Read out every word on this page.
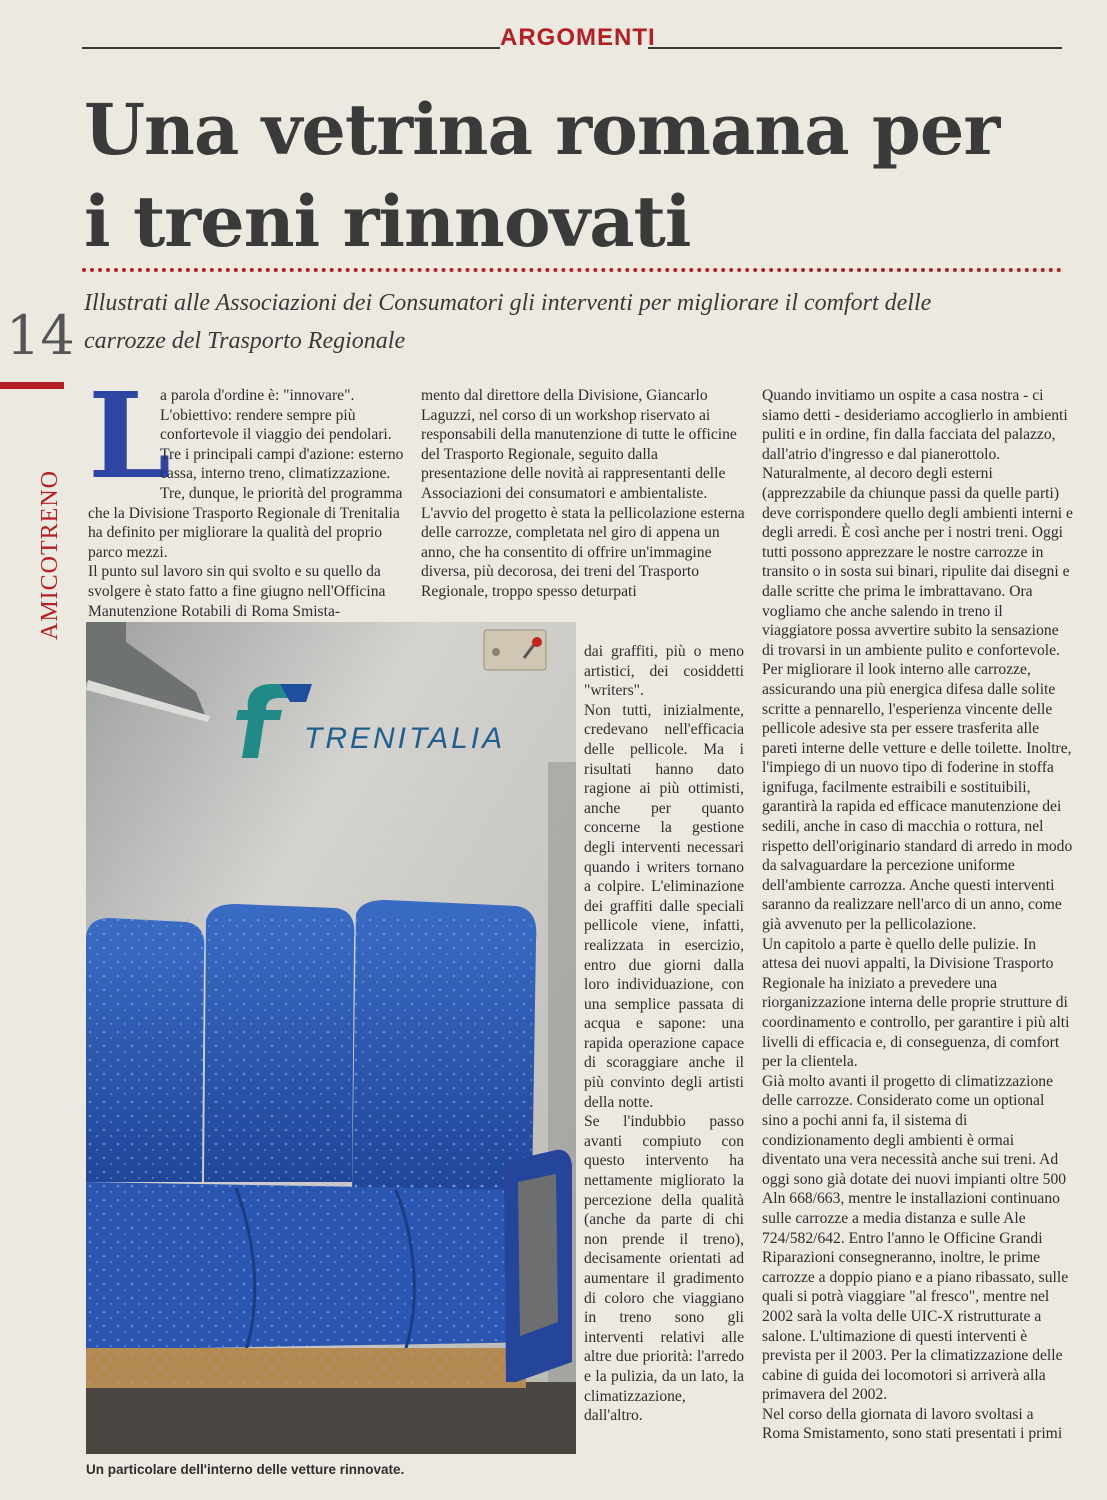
ARGOMENTI
Una vetrina romana per i treni rinnovati

Illustrati alle Associazioni dei Consumatori gli interventi per migliorare il comfort delle carrozze del Trasporto Regionale

14
AMICOTRENO
L

a parola d'ordine è: "innovare". L'obiettivo: rendere sempre più confortevole il viaggio dei pendolari. Tre i principali campi d'azione: esterno cassa, interno treno, climatizzazione. Tre, dunque, le priorità del programma che la Divisione Trasporto Regionale di Trenitalia ha definito per migliorare la qualità del proprio parco mezzi.

Il punto sul lavoro sin qui svolto e su quello da svolgere è stato fatto a fine giugno nell'Officina Manutenzione Rotabili di Roma Smista-

mento dal direttore della Divisione, Giancarlo Laguzzi, nel corso di un workshop riservato ai responsabili della manutenzione di tutte le officine del Trasporto Regionale, seguito dalla presentazione delle novità ai rappresentanti delle Associazioni dei consumatori e ambientaliste.

L'avvio del progetto è stata la pellicolazione esterna delle carrozze, completata nel giro di appena un anno, che ha consentito di offrire un'immagine diversa, più decorosa, dei treni del Trasporto Regionale, troppo spesso deturpati

dai graffiti, più o meno artistici, dei cosiddetti "writers".

Non tutti, inizialmente, credevano nell'efficacia delle pellicole. Ma i risultati hanno dato ragione ai più ottimisti, anche per quanto concerne la gestione degli interventi necessari quando i writers tornano a colpire. L'eliminazione dei graffiti dalle speciali pellicole viene, infatti, realizzata in esercizio, entro due giorni dalla loro individuazione, con una semplice passata di acqua e sapone: una rapida operazione capace di scoraggiare anche il più convinto degli artisti della notte.

Se l'indubbio passo avanti compiuto con questo intervento ha nettamente migliorato la percezione della qualità (anche da parte di chi non prende il treno), decisamente orientati ad aumentare il gradimento di coloro che viaggiano in treno sono gli interventi relativi alle altre due priorità: l'arredo e la pulizia, da un lato, la climatizzazione, dall'altro.

Quando invitiamo un ospite a casa nostra - ci siamo detti - desideriamo accoglierlo in ambienti puliti e in ordine, fin dalla facciata del palazzo, dall'atrio d'ingresso e dal pianerottolo. Naturalmente, al decoro degli esterni (apprezzabile da chiunque passi da quelle parti) deve corrispondere quello degli ambienti interni e degli arredi. È così anche per i nostri treni. Oggi tutti possono apprezzare le nostre carrozze in transito o in sosta sui binari, ripulite dai disegni e dalle scritte che prima le imbrattavano. Ora vogliamo che anche salendo in treno il viaggiatore possa avvertire subito la sensazione di trovarsi in un ambiente pulito e confortevole.

Per migliorare il look interno alle carrozze, assicurando una più energica difesa dalle solite scritte a pennarello, l'esperienza vincente delle pellicole adesive sta per essere trasferita alle pareti interne delle vetture e delle toilette. Inoltre, l'impiego di un nuovo tipo di foderine in stoffa ignifuga, facilmente estraibili e sostituibili, garantirà la rapida ed efficace manutenzione dei sedili, anche in caso di macchia o rottura, nel rispetto dell'originario standard di arredo in modo da salvaguardare la percezione uniforme dell'ambiente carrozza. Anche questi interventi saranno da realizzare nell'arco di un anno, come già avvenuto per la pellicolazione.

Un capitolo a parte è quello delle pulizie. In attesa dei nuovi appalti, la Divisione Trasporto Regionale ha iniziato a prevedere una riorganizzazione interna delle proprie strutture di coordinamento e controllo, per garantire i più alti livelli di efficacia e, di conseguenza, di comfort per la clientela.

Già molto avanti il progetto di climatizzazione delle carrozze. Considerato come un optional sino a pochi anni fa, il sistema di condizionamento degli ambienti è ormai diventato una vera necessità anche sui treni. Ad oggi sono già dotate dei nuovi impianti oltre 500 Aln 668/663, mentre le installazioni continuano sulle carrozze a media distanza e sulle Ale 724/582/642. Entro l'anno le Officine Grandi Riparazioni consegneranno, inoltre, le prime carrozze a doppio piano e a piano ribassato, sulle quali si potrà viaggiare "al fresco", mentre nel 2002 sarà la volta delle UIC-X ristrutturate a salone. L'ultimazione di questi interventi è prevista per il 2003. Per la climatizzazione delle cabine di guida dei locomotori si arriverà alla primavera del 2002.

Nel corso della giornata di lavoro svoltasi a Roma Smistamento, sono stati presentati i primi

TRENITALIA
Un particolare dell'interno delle vetture rinnovate.
